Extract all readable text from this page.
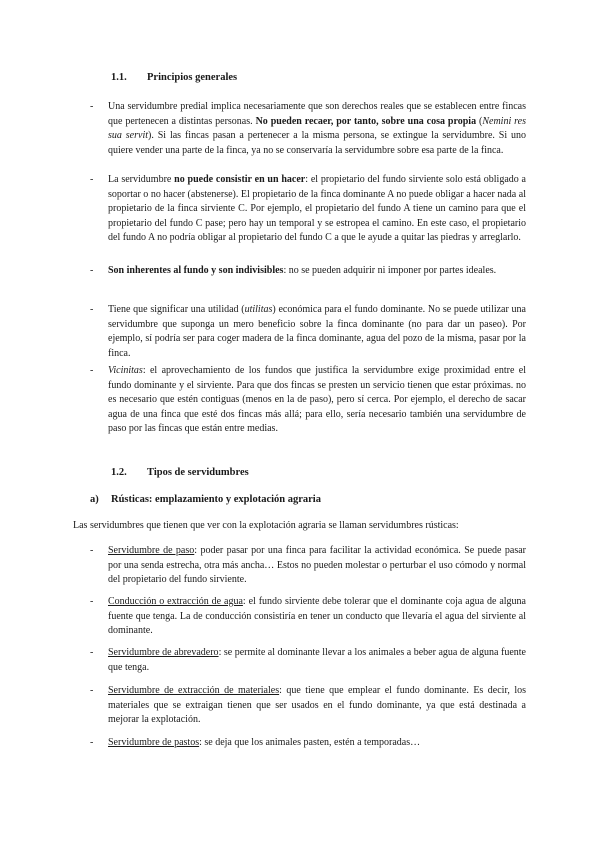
1.1. Principios generales
- Una servidumbre predial implica necesariamente que son derechos reales que se establecen entre fincas que pertenecen a distintas personas. No pueden recaer, por tanto, sobre una cosa propia (Nemini res sua servit). Si las fincas pasan a pertenecer a la misma persona, se extingue la servidumbre. Si uno quiere vender una parte de la finca, ya no se conservaría la servidumbre sobre esa parte de la finca.

- La servidumbre no puede consistir en un hacer: el propietario del fundo sirviente solo está obligado a soportar o no hacer (abstenerse). El propietario de la finca dominante A no puede obligar a hacer nada al propietario de la finca sirviente C. Por ejemplo, el propietario del fundo A tiene un camino para que el propietario del fundo C pase; pero hay un temporal y se estropea el camino. En este caso, el propietario del fundo A no podría obligar al propietario del fundo C a que le ayude a quitar las piedras y arreglarlo.

- Son inherentes al fundo y son indivisibles: no se pueden adquirir ni imponer por partes ideales.

- Tiene que significar una utilidad (utilitas) económica para el fundo dominante. No se puede utilizar una servidumbre que suponga un mero beneficio sobre la finca dominante (no para dar un paseo). Por ejemplo, sí podría ser para coger madera de la finca dominante, agua del pozo de la misma, pasar por la finca.

- Vicinitas: el aprovechamiento de los fundos que justifica la servidumbre exige proximidad entre el fundo dominante y el sirviente. Para que dos fincas se presten un servicio tienen que estar próximas. no es necesario que estén contiguas (menos en la de paso), pero sí cerca. Por ejemplo, el derecho de sacar agua de una finca que esté dos fincas más allá; para ello, sería necesario también una servidumbre de paso por las fincas que están entre medias.

1.2. Tipos de servidumbres
a) Rústicas: emplazamiento y explotación agraria

Las servidumbres que tienen que ver con la explotación agraria se llaman servidumbres rústicas:

- Servidumbre de paso: poder pasar por una finca para facilitar la actividad económica. Se puede pasar por una senda estrecha, otra más ancha… Estos no pueden molestar o perturbar el uso cómodo y normal del propietario del fundo sirviente.

- Conducción o extracción de agua: el fundo sirviente debe tolerar que el dominante coja agua de alguna fuente que tenga. La de conducción consistiría en tener un conducto que llevaría el agua del sirviente al dominante.

- Servidumbre de abrevadero: se permite al dominante llevar a los animales a beber agua de alguna fuente que tenga.

- Servidumbre de extracción de materiales: que tiene que emplear el fundo dominante. Es decir, los materiales que se extraigan tienen que ser usados en el fundo dominante, ya que está destinada a mejorar la explotación.

- Servidumbre de pastos: se deja que los animales pasten, estén a temporadas…
